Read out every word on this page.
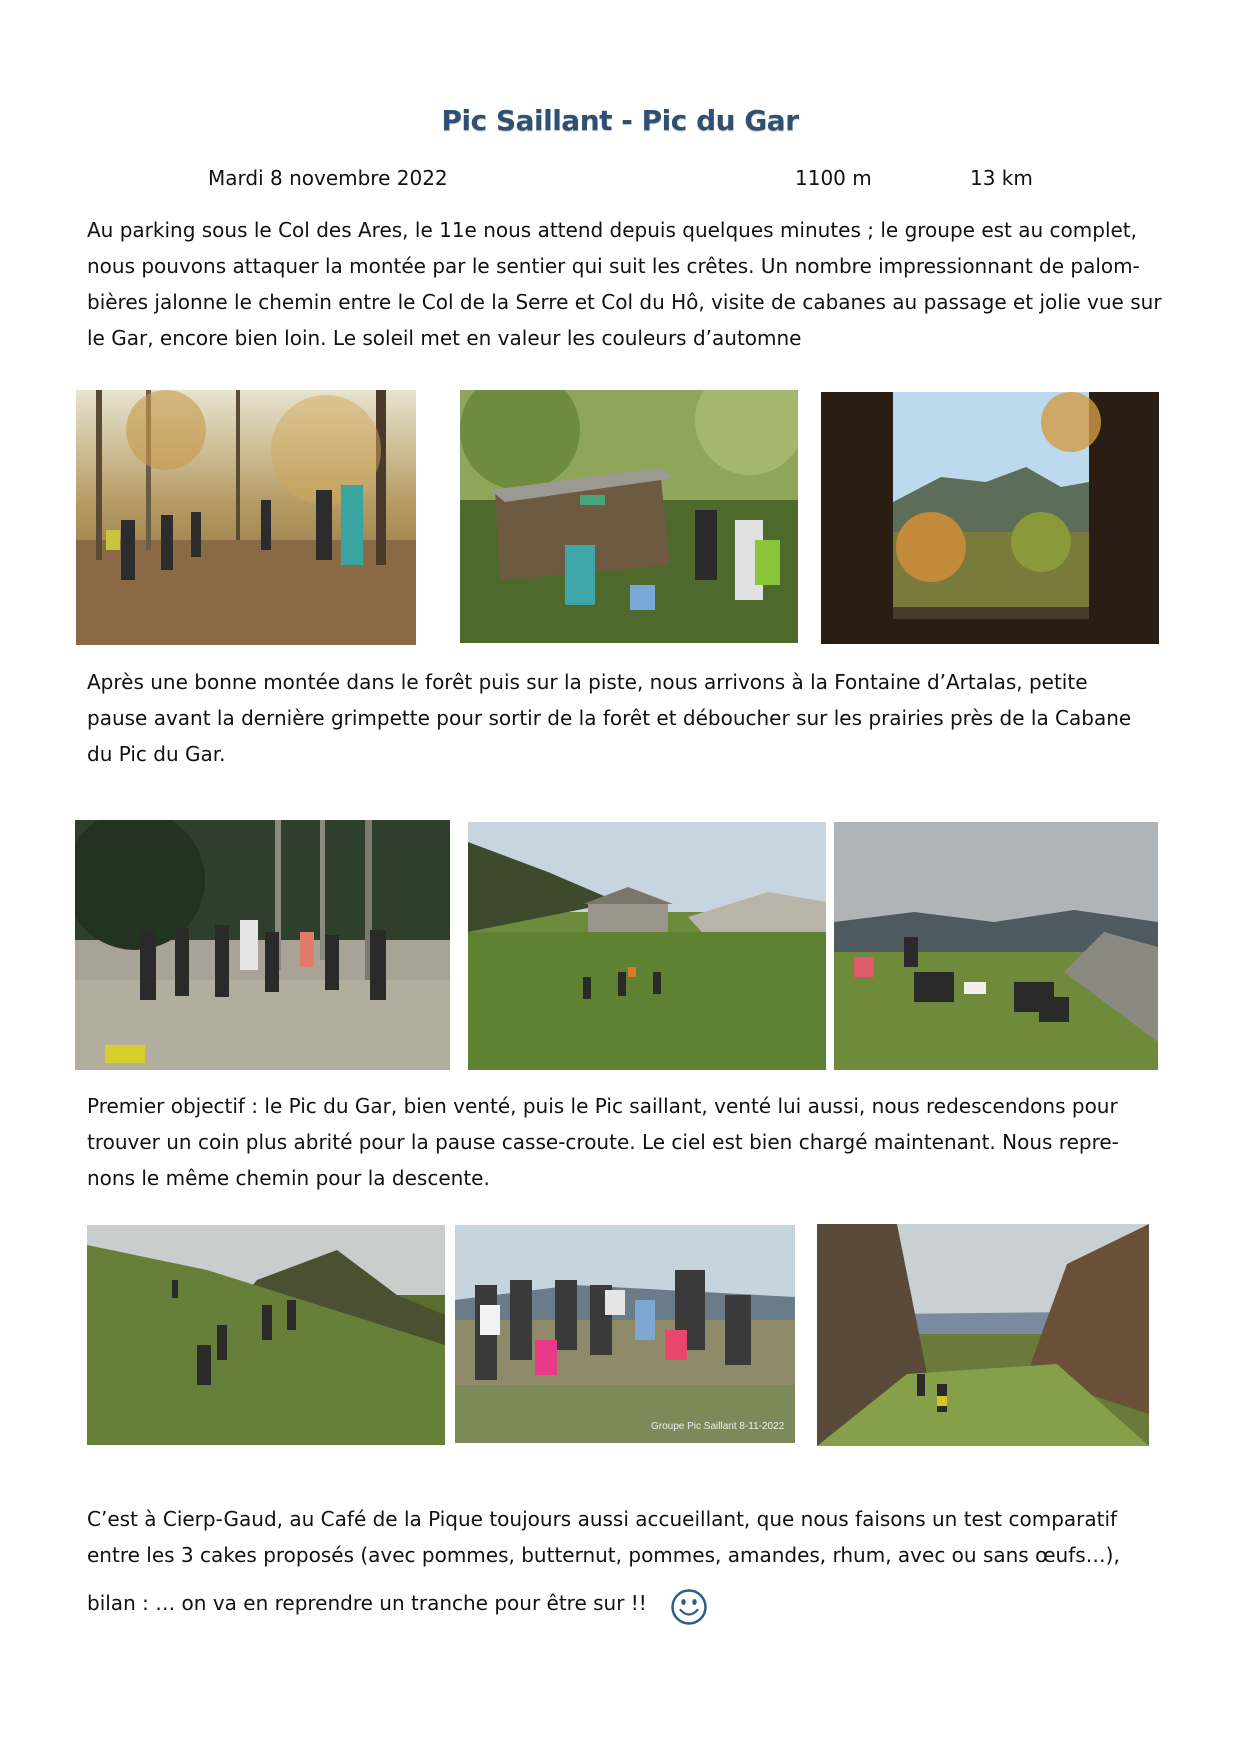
Pic Saillant - Pic du Gar
Mardi 8 novembre 2022	1100 m	13 km
Au parking sous le Col des Ares, le 11e nous attend depuis quelques minutes ; le groupe est au complet,
nous pouvons attaquer la montée par le sentier qui suit les crêtes. Un nombre impressionnant de palom-
bières jalonne le chemin entre le Col de la Serre et Col du Hô, visite de cabanes au passage et jolie vue sur
le Gar, encore bien loin. Le soleil met en valeur les couleurs d’automne
Après une bonne montée dans le forêt puis sur la piste, nous arrivons à la Fontaine d’Artalas, petite
pause avant la dernière grimpette pour sortir de la forêt et déboucher sur les prairies près de la Cabane
du Pic du Gar.
Premier objectif : le Pic du Gar, bien venté, puis le Pic saillant, venté lui aussi, nous redescendons pour
trouver un coin plus abrité pour la pause casse-croute. Le ciel est bien chargé maintenant. Nous repre-
nons le même chemin pour la descente.
Groupe Pic Saillant 8-11-2022
C’est à Cierp-Gaud, au Café de la Pique toujours aussi accueillant, que nous faisons un test comparatif
entre les 3 cakes proposés (avec pommes, butternut, pommes, amandes, rhum, avec ou sans œufs…),
bilan : … on va en reprendre un tranche pour être sur !!
